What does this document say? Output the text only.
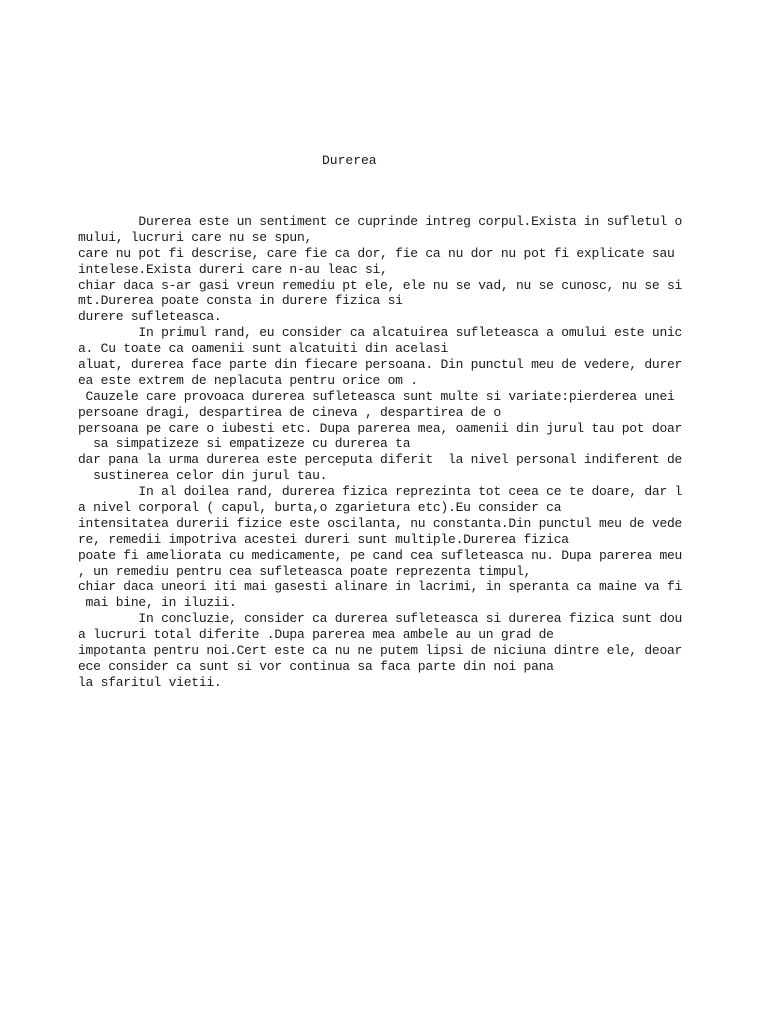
Durerea
Durerea este un sentiment ce cuprinde intreg corpul.Exista in sufletul o
mului, lucruri care nu se spun,
care nu pot fi descrise, care fie ca dor, fie ca nu dor nu pot fi explicate sau
intelese.Exista dureri care n-au leac si,
chiar daca s-ar gasi vreun remediu pt ele, ele nu se vad, nu se cunosc, nu se si
mt.Durerea poate consta in durere fizica si
durere sufleteasca.
In primul rand, eu consider ca alcatuirea sufleteasca a omului este unic
a. Cu toate ca oamenii sunt alcatuiti din acelasi
aluat, durerea face parte din fiecare persoana. Din punctul meu de vedere, durer
ea este extrem de neplacuta pentru orice om .
Cauzele care provoaca durerea sufleteasca sunt multe si variate:pierderea unei
persoane dragi, despartirea de cineva , despartirea de o
persoana pe care o iubesti etc. Dupa parerea mea, oamenii din jurul tau pot doar
sa simpatizeze si empatizeze cu durerea ta
dar pana la urma durerea este perceputa diferit  la nivel personal indiferent de
sustinerea celor din jurul tau.
In al doilea rand, durerea fizica reprezinta tot ceea ce te doare, dar l
a nivel corporal ( capul, burta,o zgarietura etc).Eu consider ca
intensitatea durerii fizice este oscilanta, nu constanta.Din punctul meu de vede
re, remedii impotriva acestei dureri sunt multiple.Durerea fizica
poate fi ameliorata cu medicamente, pe cand cea sufleteasca nu. Dupa parerea meu
, un remediu pentru cea sufleteasca poate reprezenta timpul,
chiar daca uneori iti mai gasesti alinare in lacrimi, in speranta ca maine va fi
mai bine, in iluzii.
In concluzie, consider ca durerea sufleteasca si durerea fizica sunt dou
a lucruri total diferite .Dupa parerea mea ambele au un grad de
impotanta pentru noi.Cert este ca nu ne putem lipsi de niciuna dintre ele, deoar
ece consider ca sunt si vor continua sa faca parte din noi pana
la sfaritul vietii.
